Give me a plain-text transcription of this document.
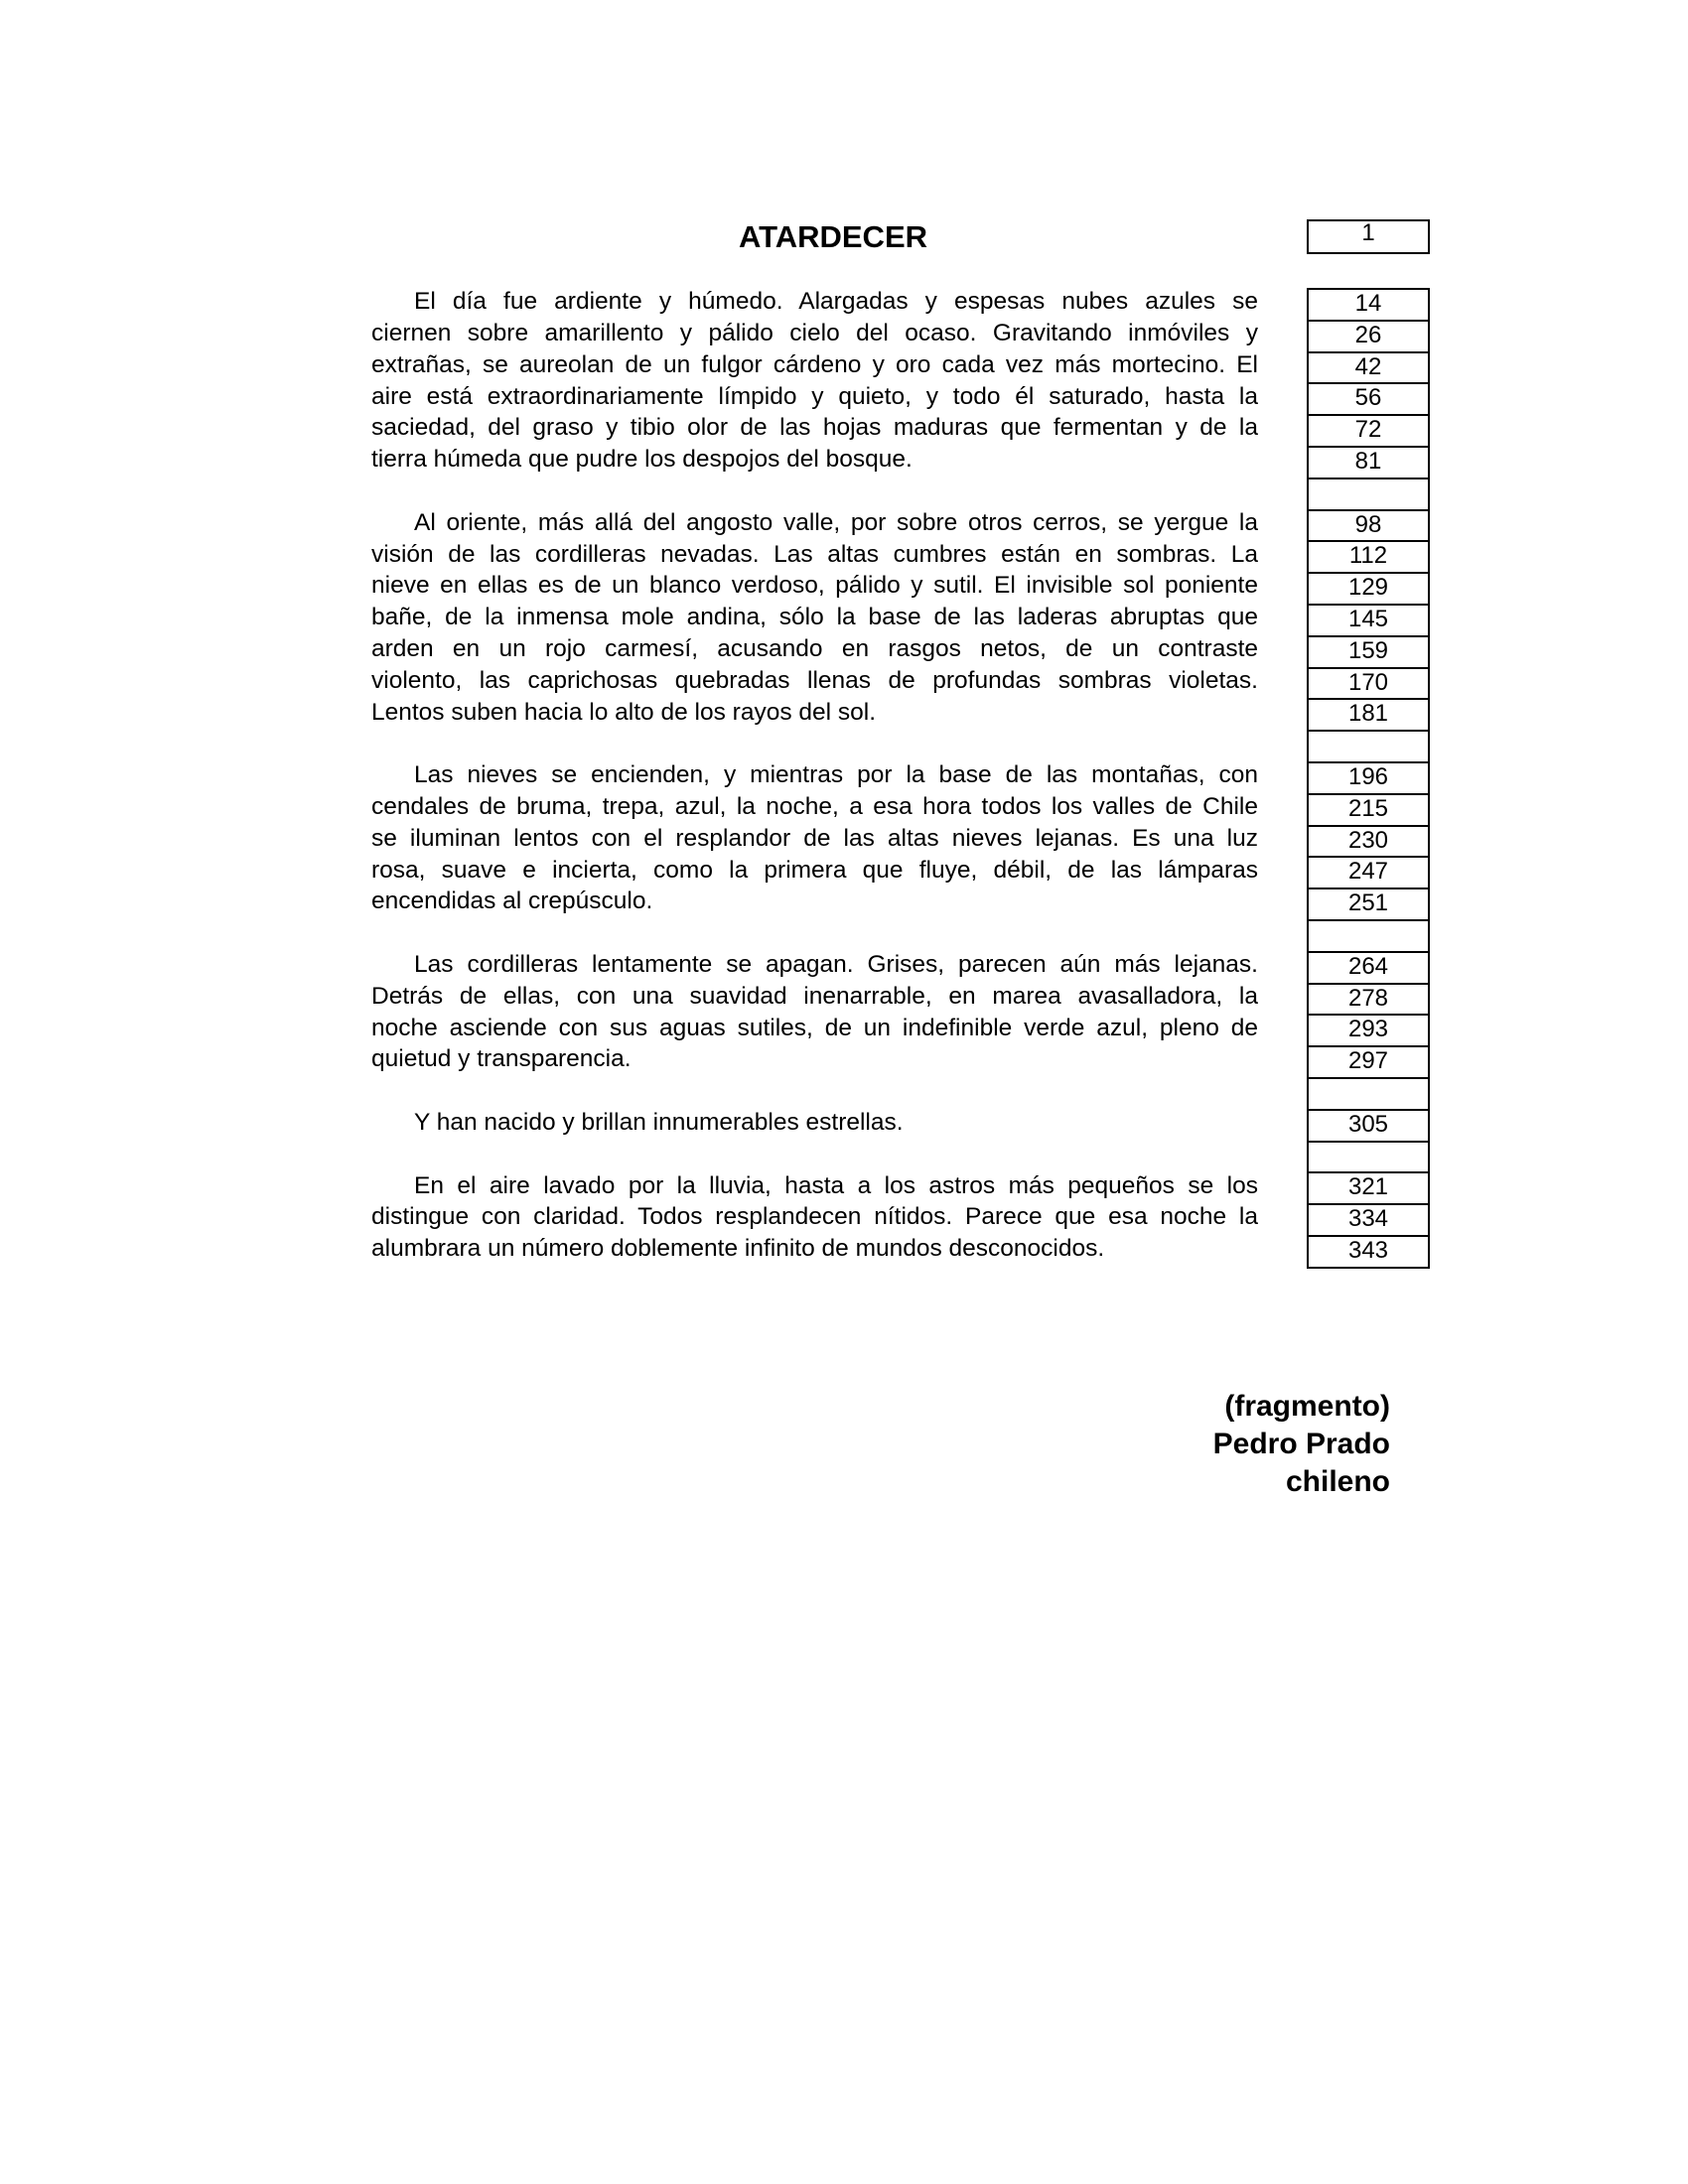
ATARDECER	1
El día fue ardiente y húmedo. Alargadas y espesas nubes azules se
ciernen sobre amarillento y pálido cielo del ocaso. Gravitando inmóviles y
extrañas, se aureolan de un fulgor cárdeno y oro cada vez más mortecino. El
aire está extraordinariamente límpido y quieto, y todo él saturado, hasta la
saciedad, del graso y tibio olor de las hojas maduras que fermentan y de la
tierra húmeda que pudre los despojos del bosque.
Al oriente, más allá del angosto valle, por sobre otros cerros, se yergue la
visión de las cordilleras nevadas. Las altas cumbres están en sombras. La
nieve en ellas es de un blanco verdoso, pálido y sutil. El invisible sol poniente
bañe, de la inmensa mole andina, sólo la base de las laderas abruptas que
arden en un rojo carmesí, acusando en rasgos netos, de un contraste
violento, las caprichosas quebradas llenas de profundas sombras violetas.
Lentos suben hacia lo alto de los rayos del sol.
Las nieves se encienden, y mientras por la base de las montañas, con
cendales de bruma, trepa, azul, la noche, a esa hora todos los valles de Chile
se iluminan lentos con el resplandor de las altas nieves lejanas. Es una luz
rosa, suave e incierta, como la primera que fluye, débil, de las lámparas
encendidas al crepúsculo.
Las cordilleras lentamente se apagan. Grises, parecen aún más lejanas.
Detrás de ellas, con una suavidad inenarrable, en marea avasalladora, la
noche asciende con sus aguas sutiles, de un indefinible verde azul, pleno de
quietud y transparencia.
Y han nacido y brillan innumerables estrellas.
En el aire lavado por la lluvia, hasta a los astros más pequeños se los
distingue con claridad. Todos resplandecen nítidos. Parece que esa noche la
alumbrara un número doblemente infinito de mundos desconocidos.
14
26
42
56
72
81
98
112
129
145
159
170
181
196
215
230
247
251
264
278
293
297
305
321
334
343
(fragmento)
Pedro Prado
chileno
